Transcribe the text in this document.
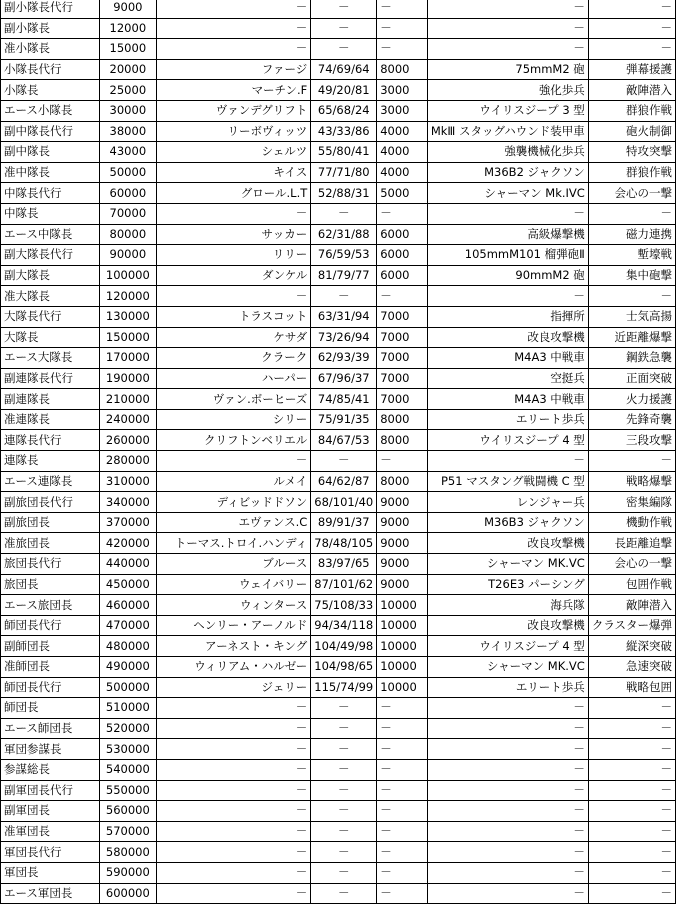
副小隊長代行	9000	－	－	－	－	－
副小隊長	12000	－	－	－	－	－
准小隊長	15000	－	－	－	－	－
小隊長代行	20000	ファージ	74/69/64	8000	75mmM2 砲	弾幕援護
小隊長	25000	マーチン.F	49/20/81	3000	強化歩兵	敵陣潜入
エース小隊長	30000	ヴァンデグリフト	65/68/24	3000	ウイリスジープ 3 型	群狼作戦
副中隊長代行	38000	リーボヴィッツ	43/33/86	4000	MkⅢ スタッグハウンド装甲車	砲火制御
副中隊長	43000	シェルツ	55/80/41	4000	強襲機械化歩兵	特攻突撃
准中隊長	50000	キイス	77/71/80	4000	M36B2 ジャクソン	群狼作戦
中隊長代行	60000	グロール.L.T	52/88/31	5000	シャーマン Mk.IVC	会心の一撃
中隊長	70000	－	－	－	－	－
エース中隊長	80000	サッカー	62/31/88	6000	高級爆撃機	磁力連携
副大隊長代行	90000	リリー	76/59/53	6000	105mmM101 榴弾砲Ⅱ	塹壕戦
副大隊長	100000	ダンケル	81/79/77	6000	90mmM2 砲	集中砲撃
准大隊長	120000	－	－	－	－	－
大隊長代行	130000	トラスコット	63/31/94	7000	指揮所	士気高揚
大隊長	150000	ケサダ	73/26/94	7000	改良攻撃機	近距離爆撃
エース大隊長	170000	クラーク	62/93/39	7000	M4A3 中戦車	鋼鉄急襲
副連隊長代行	190000	ハーパー	67/96/37	7000	空挺兵	正面突破
副連隊長	210000	ヴァン.ボーヒーズ	74/85/41	7000	M4A3 中戦車	火力援護
准連隊長	240000	シリー	75/91/35	8000	エリート歩兵	先鋒奇襲
連隊長代行	260000	クリフトンベリエル	84/67/53	8000	ウイリスジープ 4 型	三段攻撃
連隊長	280000	－	－	－	－	－
エース連隊長	310000	ルメイ	64/62/87	8000	P51 マスタング戦闘機 C 型	戦略爆撃
副旅団長代行	340000	ディビッドドソン	68/101/40	9000	レンジャー兵	密集編隊
副旅団長	370000	エヴァンス.C	89/91/37	9000	M36B3 ジャクソン	機動作戦
准旅団長	420000	トーマス.トロイ.ハンディ	78/48/105	9000	改良攻撃機	長距離追撃
旅団長代行	440000	ブルース	83/97/65	9000	シャーマン MK.VC	会心の一撃
旅団長	450000	ウェイバリー	87/101/62	9000	T26E3 パーシング	包囲作戦
エース旅団長	460000	ウィンタース	75/108/33	10000	海兵隊	敵陣潜入
師団長代行	470000	ヘンリー・アーノルド	94/34/118	10000	改良攻撃機	クラスター爆弾
副師団長	480000	アーネスト・キング	104/49/98	10000	ウイリスジープ 4 型	縦深突破
准師団長	490000	ウィリアム・ハルゼー	104/98/65	10000	シャーマン MK.VC	急速突破
師団長代行	500000	ジェリー	115/74/99	10000	エリート歩兵	戦略包囲
師団長	510000	－	－	－	－	－
エース師団長	520000	－	－	－	－	－
軍団参謀長	530000	－	－	－	－	－
参謀総長	540000	－	－	－	－	－
副軍団長代行	550000	－	－	－	－	－
副軍団長	560000	－	－	－	－	－
准軍団長	570000	－	－	－	－	－
軍団長代行	580000	－	－	－	－	－
軍団長	590000	－	－	－	－	－
エース軍団長	600000	－	－	－	－	－
